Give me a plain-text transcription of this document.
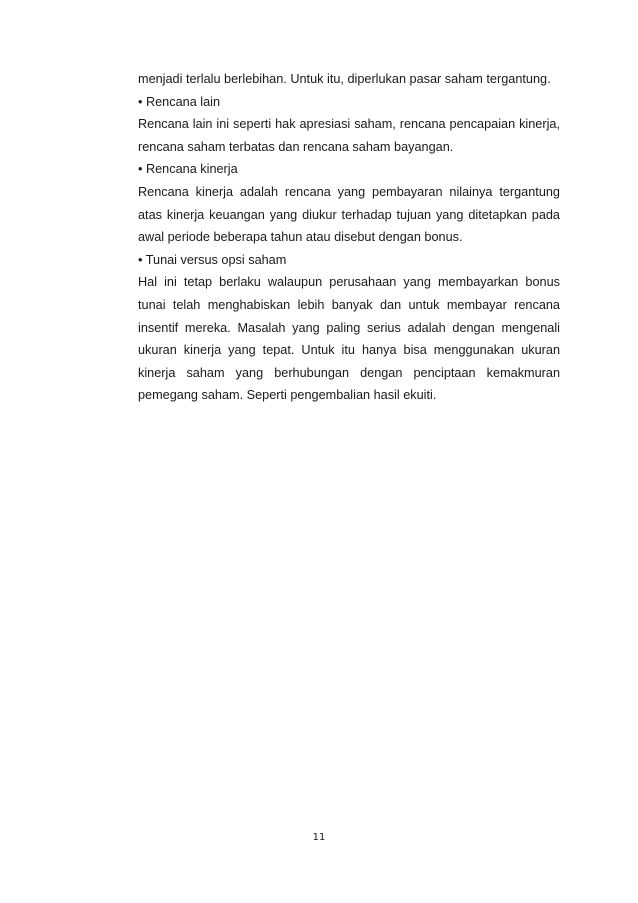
menjadi terlalu berlebihan. Untuk itu, diperlukan pasar saham tergantung.

• Rencana lain

Rencana lain ini seperti hak apresiasi saham, rencana pencapaian kinerja, rencana saham terbatas dan rencana saham bayangan.

• Rencana kinerja

Rencana kinerja adalah rencana yang pembayaran nilainya tergantung atas kinerja keuangan yang diukur terhadap tujuan yang ditetapkan pada awal periode beberapa tahun atau disebut dengan bonus.

• Tunai versus opsi saham

Hal ini tetap berlaku walaupun perusahaan yang membayarkan bonus tunai telah menghabiskan lebih banyak dan untuk membayar rencana insentif mereka. Masalah yang paling serius adalah dengan mengenali ukuran kinerja yang tepat. Untuk itu hanya bisa menggunakan ukuran kinerja saham yang berhubungan dengan penciptaan kemakmuran pemegang saham. Seperti pengembalian hasil ekuiti.

11
